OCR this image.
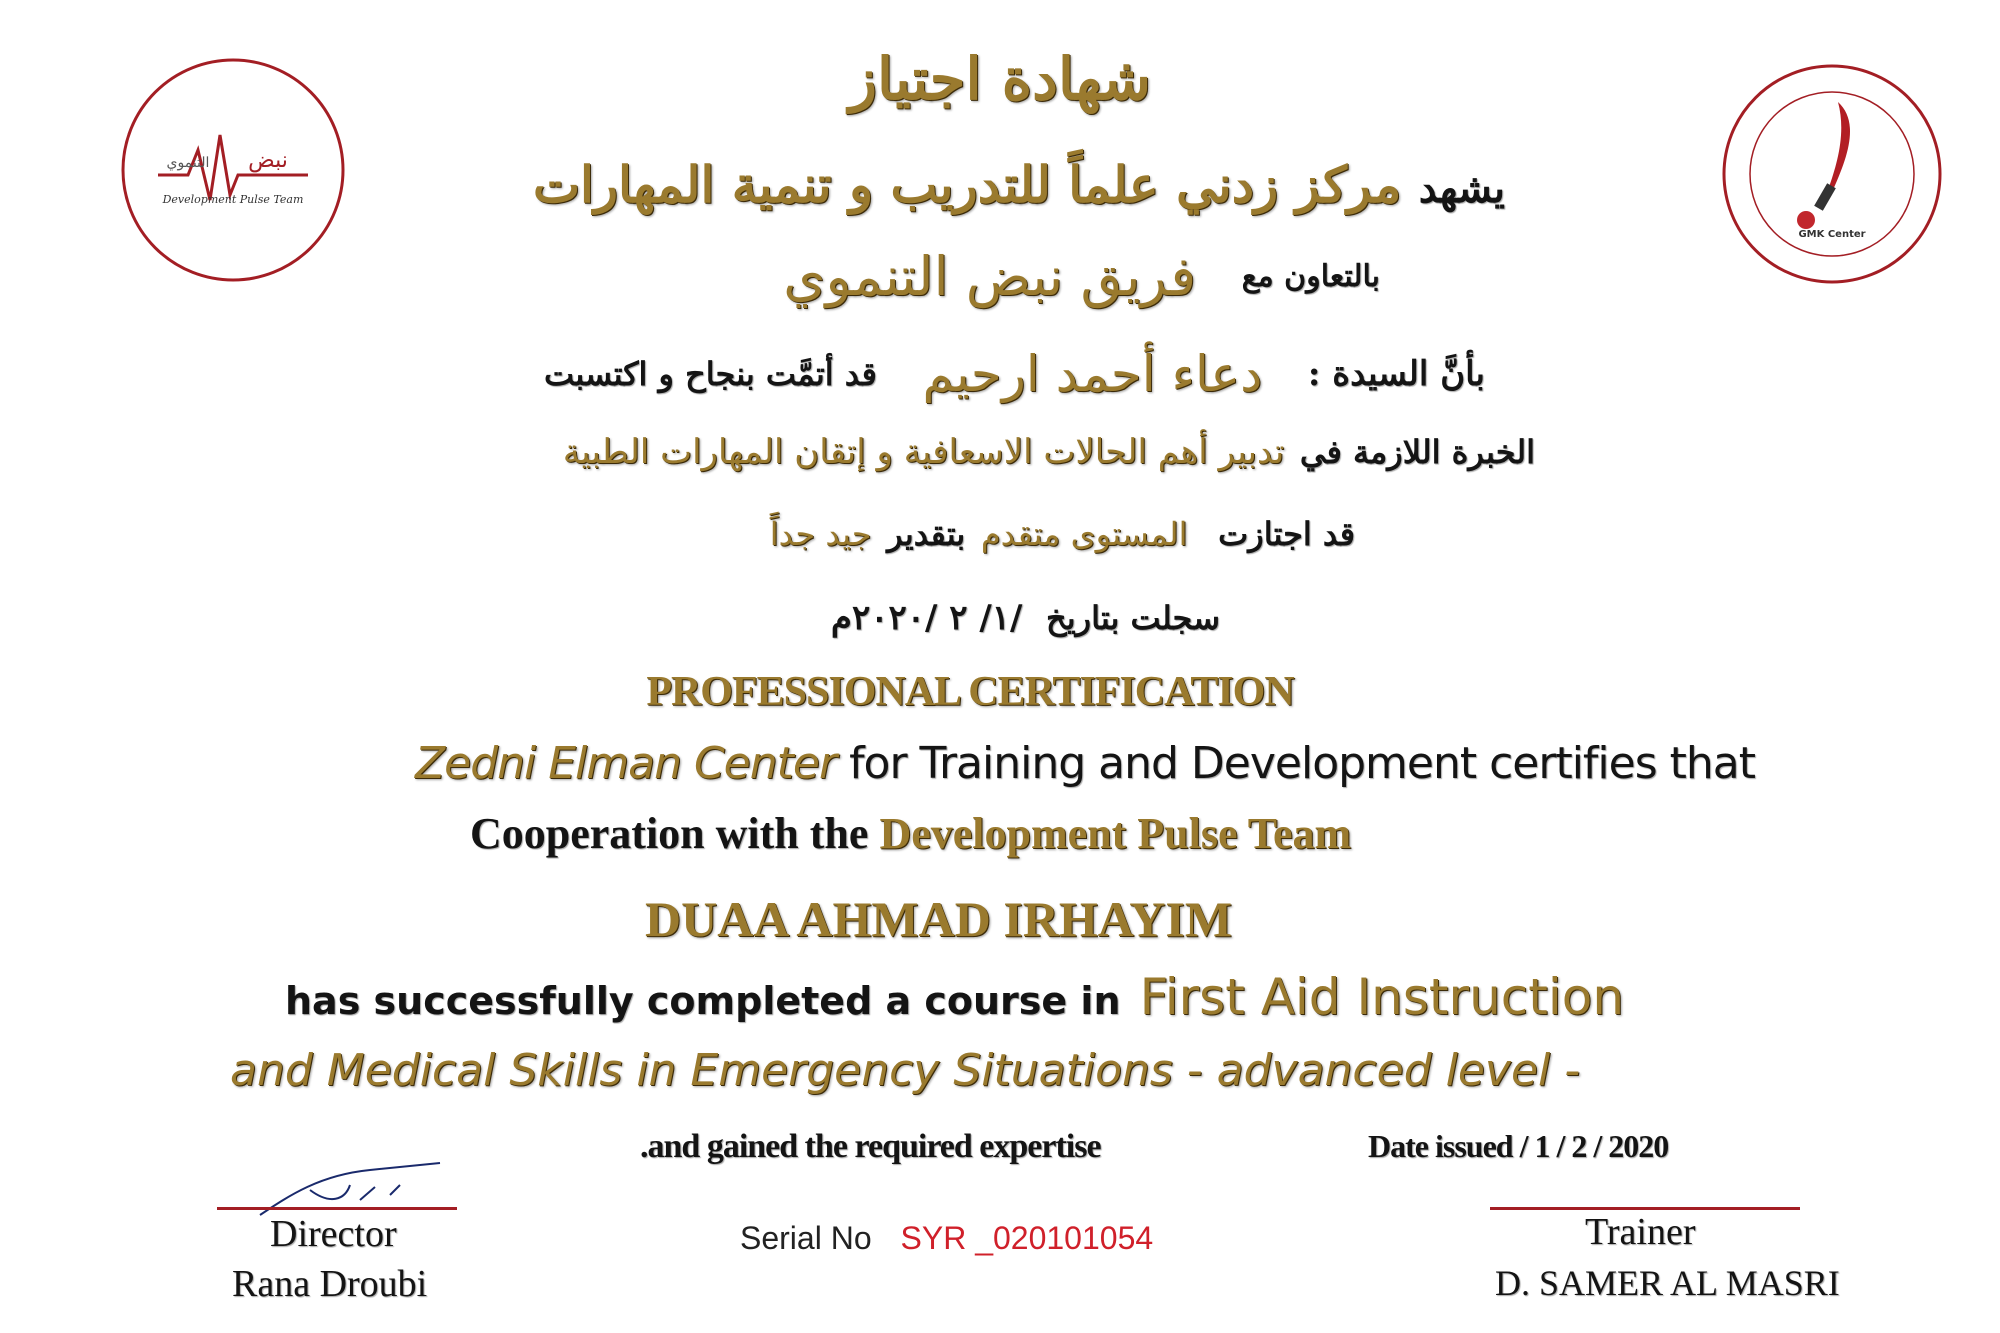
نبض
التنموي
Development Pulse Team
GMK Center
شهادة اجتياز
يشهد مركز زدني علماً للتدريب و تنمية المهارات
بالتعاون مع فريق نبض التنموي
بأنَّ السيدة : دعاء أحمد ارحيم قد أتمَّت بنجاح و اكتسبت
الخبرة اللازمة في تدبير أهم الحالات الاسعافية و إتقان المهارات الطبية
قد اجتازت المستوى متقدم بتقدير جيد جداً
سجلت بتاريخ /١/ ٢ /٢٠٢٠م
PROFESSIONAL CERTIFICATION
Zedni Elman Center for Training and Development certifies that
Cooperation with the Development Pulse Team
DUAA AHMAD IRHAYIM
has successfully completed a course in First Aid Instruction
and Medical Skills in Emergency Situations - advanced level -
.and gained the required expertise	Date issued / 1 / 2 / 2020
Director
Rana Droubi
Serial No SYR _020101054	Trainer
D. SAMER AL MASRI
